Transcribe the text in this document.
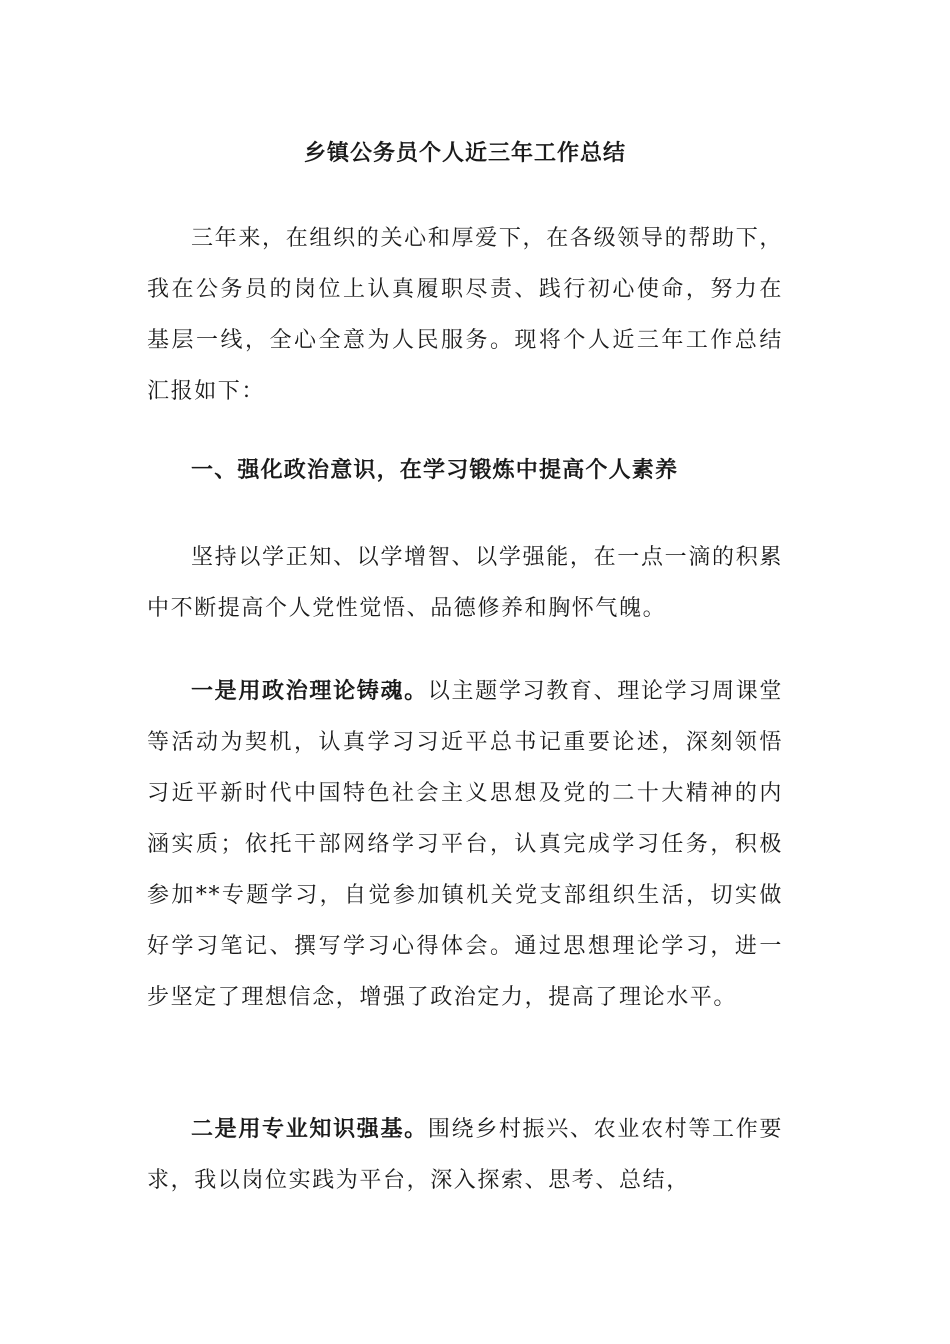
乡镇公务员个人近三年工作总结

三年来，在组织的关心和厚爱下，在各级领导的帮助下，我在公务员的岗位上认真履职尽责、践行初心使命，努力在基层一线，全心全意为人民服务。现将个人近三年工作总结汇报如下：

一、强化政治意识，在学习锻炼中提高个人素养

坚持以学正知、以学增智、以学强能，在一点一滴的积累中不断提高个人党性觉悟、品德修养和胸怀气魄。

一是用政治理论铸魂。以主题学习教育、理论学习周课堂等活动为契机，认真学习习近平总书记重要论述，深刻领悟习近平新时代中国特色社会主义思想及党的二十大精神的内涵实质；依托干部网络学习平台，认真完成学习任务，积极参加**专题学习，自觉参加镇机关党支部组织生活，切实做好学习笔记、撰写学习心得体会。通过思想理论学习，进一步坚定了理想信念，增强了政治定力，提高了理论水平。

二是用专业知识强基。围绕乡村振兴、农业农村等工作要求，我以岗位实践为平台，深入探索、思考、总结，
